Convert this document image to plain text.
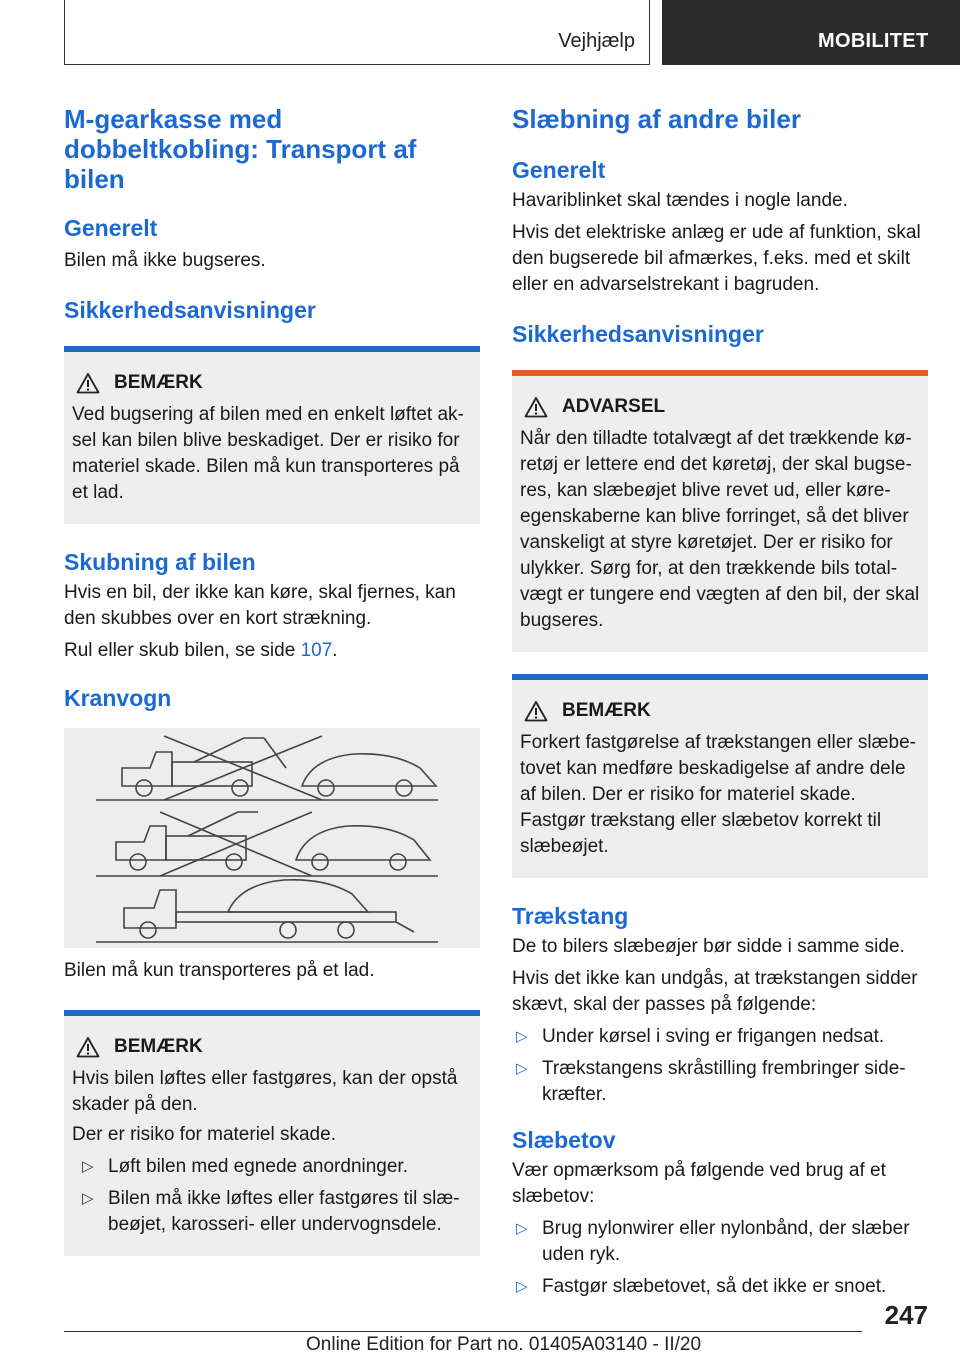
Vejhjælp	MOBILITET
M-gearkasse med dobbeltkobling: Transport af bilen
Generelt

Bilen må ikke bugseres.

Sikkerhedsanvisninger
BEMÆRK

Ved bugsering af bilen med en enkelt løftet aksel kan bilen blive beskadiget. Der er risiko for materiel skade. Bilen må kun transporteres på et lad.

Skubning af bilen

Hvis en bil, der ikke kan køre, skal fjernes, kan den skubbes over en kort strækning.

Rul eller skub bilen, se side 107.

Kranvogn

Bilen må kun transporteres på et lad.

BEMÆRK

Hvis bilen løftes eller fastgøres, kan der opstå skader på den.

Der er risiko for materiel skade.

▷ Løft bilen med egnede anordninger.
▷ Bilen må ikke løftes eller fastgøres til slæbeøjet, karosseri- eller undervognsdele.
Slæbning af andre biler
Generelt

Havariblinket skal tændes i nogle lande.

Hvis det elektriske anlæg er ude af funktion, skal den bugserede bil afmærkes, f.eks. med et skilt eller en advarselstrekant i bagruden.

Sikkerhedsanvisninger
ADVARSEL

Når den tilladte totalvægt af det trækkende køretøj er lettere end det køretøj, der skal bugseres, kan slæbeøjet blive revet ud, eller køreegenskaberne kan blive forringet, så det bliver vanskeligt at styre køretøjet. Der er risiko for ulykker. Sørg for, at den trækkende bils totalvægt er tungere end vægten af den bil, der skal bugseres.

BEMÆRK

Forkert fastgørelse af trækstangen eller slæbetovet kan medføre beskadigelse af andre dele af bilen. Der er risiko for materiel skade. Fastgør trækstang eller slæbetov korrekt til slæbeøjet.

Trækstang

De to bilers slæbeøjer bør sidde i samme side.

Hvis det ikke kan undgås, at trækstangen sidder skævt, skal der passes på følgende:

▷ Under kørsel i sving er frigangen nedsat.
▷ Trækstangens skråstilling frembringer sidekræfter.
Slæbetov

Vær opmærksom på følgende ved brug af et slæbetov:

▷ Brug nylonwirer eller nylonbånd, der slæber uden ryk.
▷ Fastgør slæbetovet, så det ikke er snoet.
247
Online Edition for Part no. 01405A03140 - II/20
